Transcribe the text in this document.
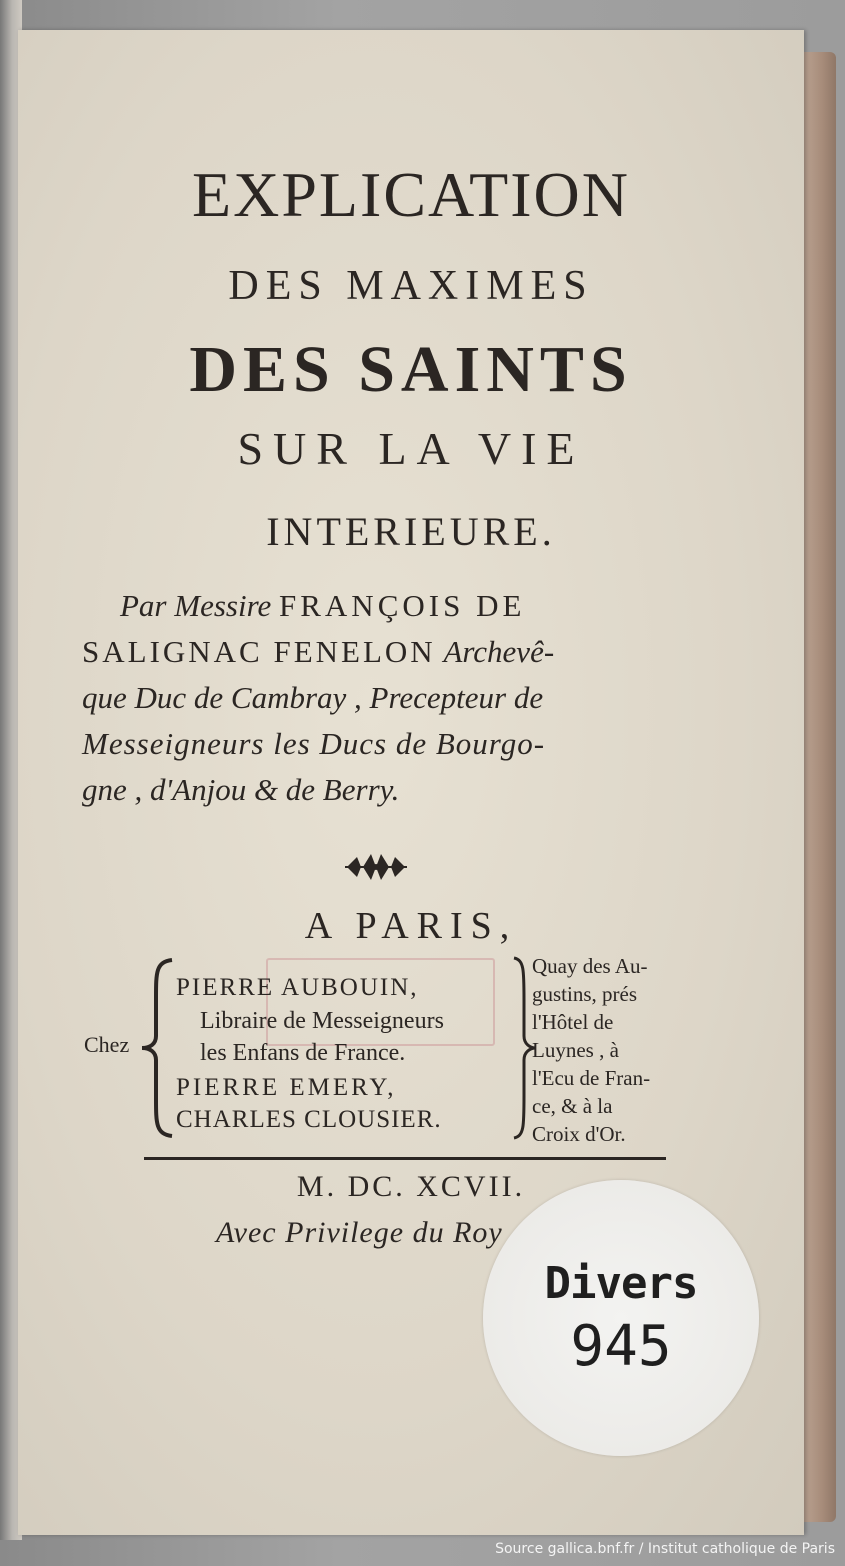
EXPLICATION
DES MAXIMES
DES SAINTS
SUR LA VIE
INTERIEURE.
Par Messire FRANÇOIS DE
SALIGNAC FENELON Archevê-
que Duc de Cambray , Precepteur de
Messeigneurs les Ducs de Bourgo-
gne , d'Anjou & de Berry.
A PARIS,
Chez
PIERRE AUBOUIN,
Libraire de Messeigneurs
les Enfans de France.
PIERRE EMERY,
CHARLES CLOUSIER.
Quay des Au-
gustins, prés
l'Hôtel de
Luynes , à
l'Ecu de Fran-
ce, & à la
Croix d'Or.
M. DC. XCVII.
Avec Privilege du Roy
Divers
945
Source gallica.bnf.fr / Institut catholique de Paris
